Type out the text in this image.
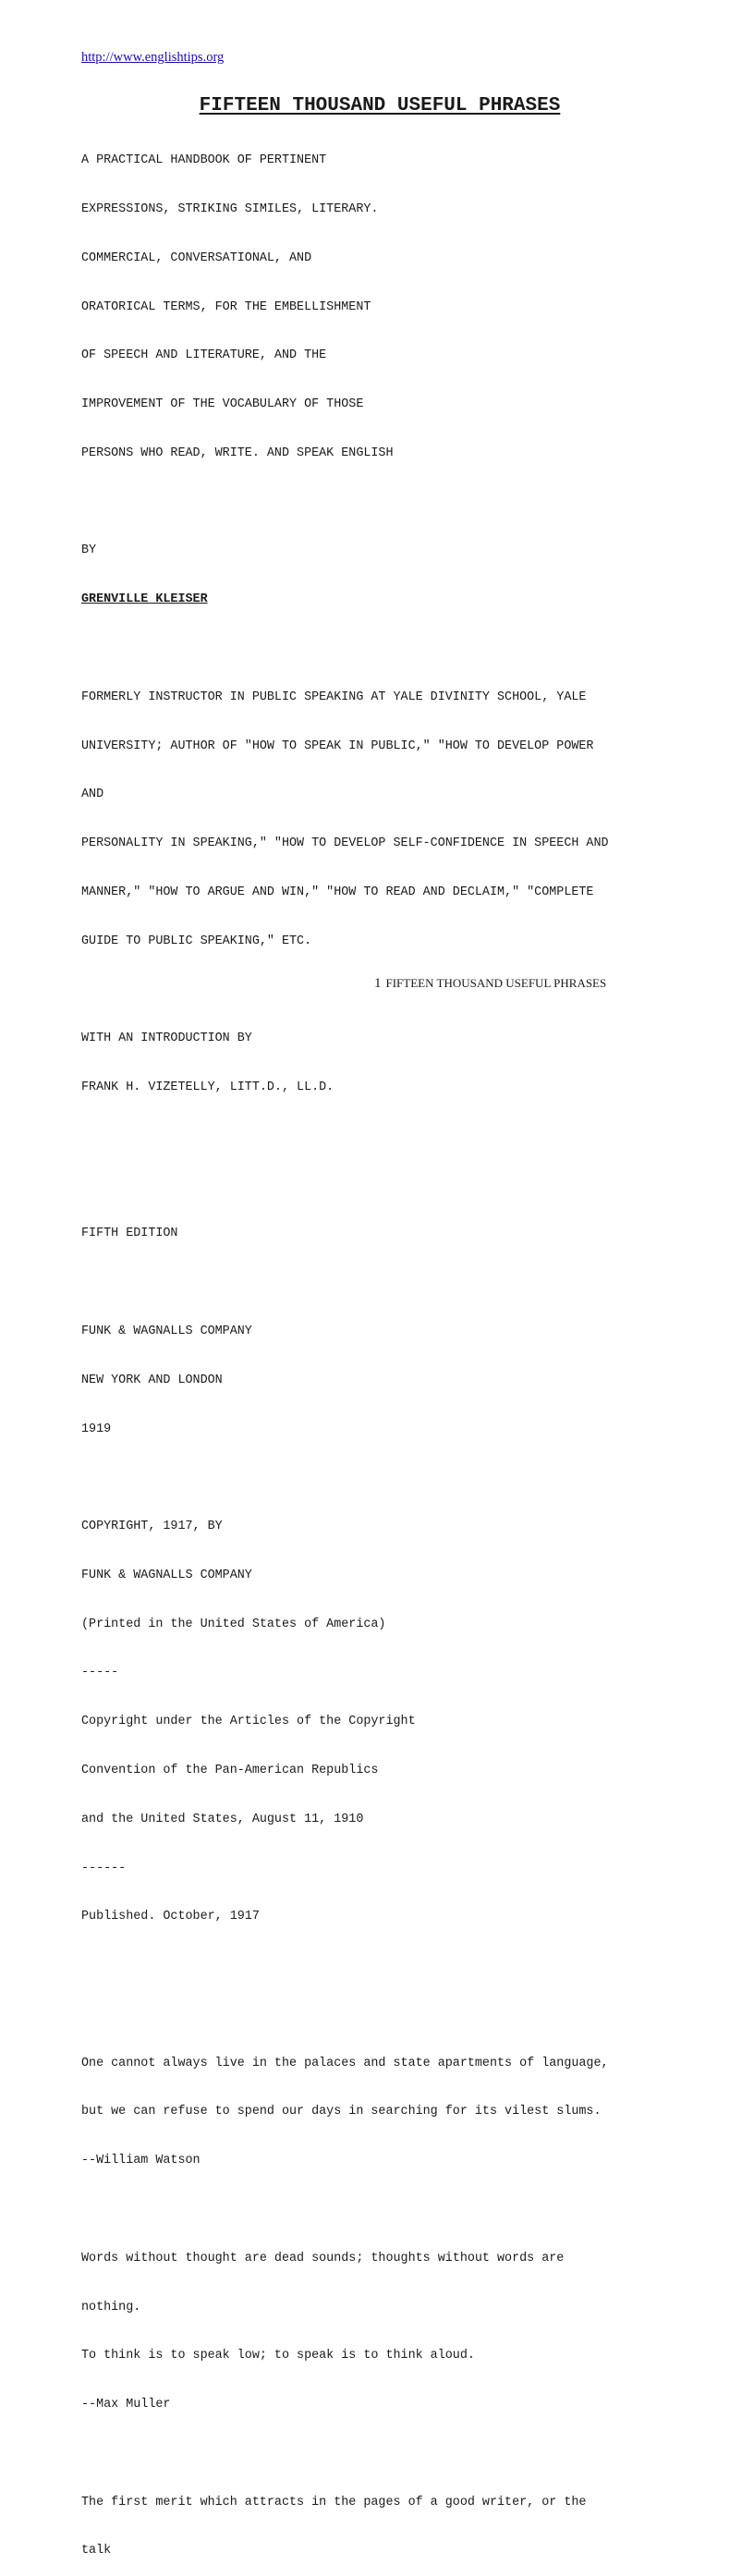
http://www.englishtips.org
FIFTEEN THOUSAND USEFUL PHRASES

A PRACTICAL HANDBOOK OF PERTINENT

EXPRESSIONS, STRIKING SIMILES, LITERARY.

COMMERCIAL, CONVERSATIONAL, AND

ORATORICAL TERMS, FOR THE EMBELLISHMENT

OF SPEECH AND LITERATURE, AND THE

IMPROVEMENT OF THE VOCABULARY OF THOSE

PERSONS WHO READ, WRITE. AND SPEAK ENGLISH

BY

GRENVILLE KLEISER

FORMERLY INSTRUCTOR IN PUBLIC SPEAKING AT YALE DIVINITY SCHOOL, YALE

UNIVERSITY; AUTHOR OF "HOW TO SPEAK IN PUBLIC," "HOW TO DEVELOP POWER

AND

PERSONALITY IN SPEAKING," "HOW TO DEVELOP SELF-CONFIDENCE IN SPEECH AND

MANNER," "HOW TO ARGUE AND WIN," "HOW TO READ AND DECLAIM," "COMPLETE

GUIDE TO PUBLIC SPEAKING," ETC.

WITH AN INTRODUCTION BY

FRANK H. VIZETELLY, LITT.D., LL.D.

FIFTH EDITION

FUNK & WAGNALLS COMPANY

NEW YORK AND LONDON

1919

COPYRIGHT, 1917, BY

FUNK & WAGNALLS COMPANY

(Printed in the United States of America)

-----

Copyright under the Articles of the Copyright

Convention of the Pan-American Republics

and the United States, August 11, 1910

------

Published. October, 1917

One cannot always live in the palaces and state apartments of language,

but we can refuse to spend our days in searching for its vilest slums.

--William Watson

Words without thought are dead sounds; thoughts without words are

nothing.

To think is to speak low; to speak is to think aloud.

--Max Muller

The first merit which attracts in the pages of a good writer, or the

talk

1 FIFTEEN THOUSAND USEFUL PHRASES
